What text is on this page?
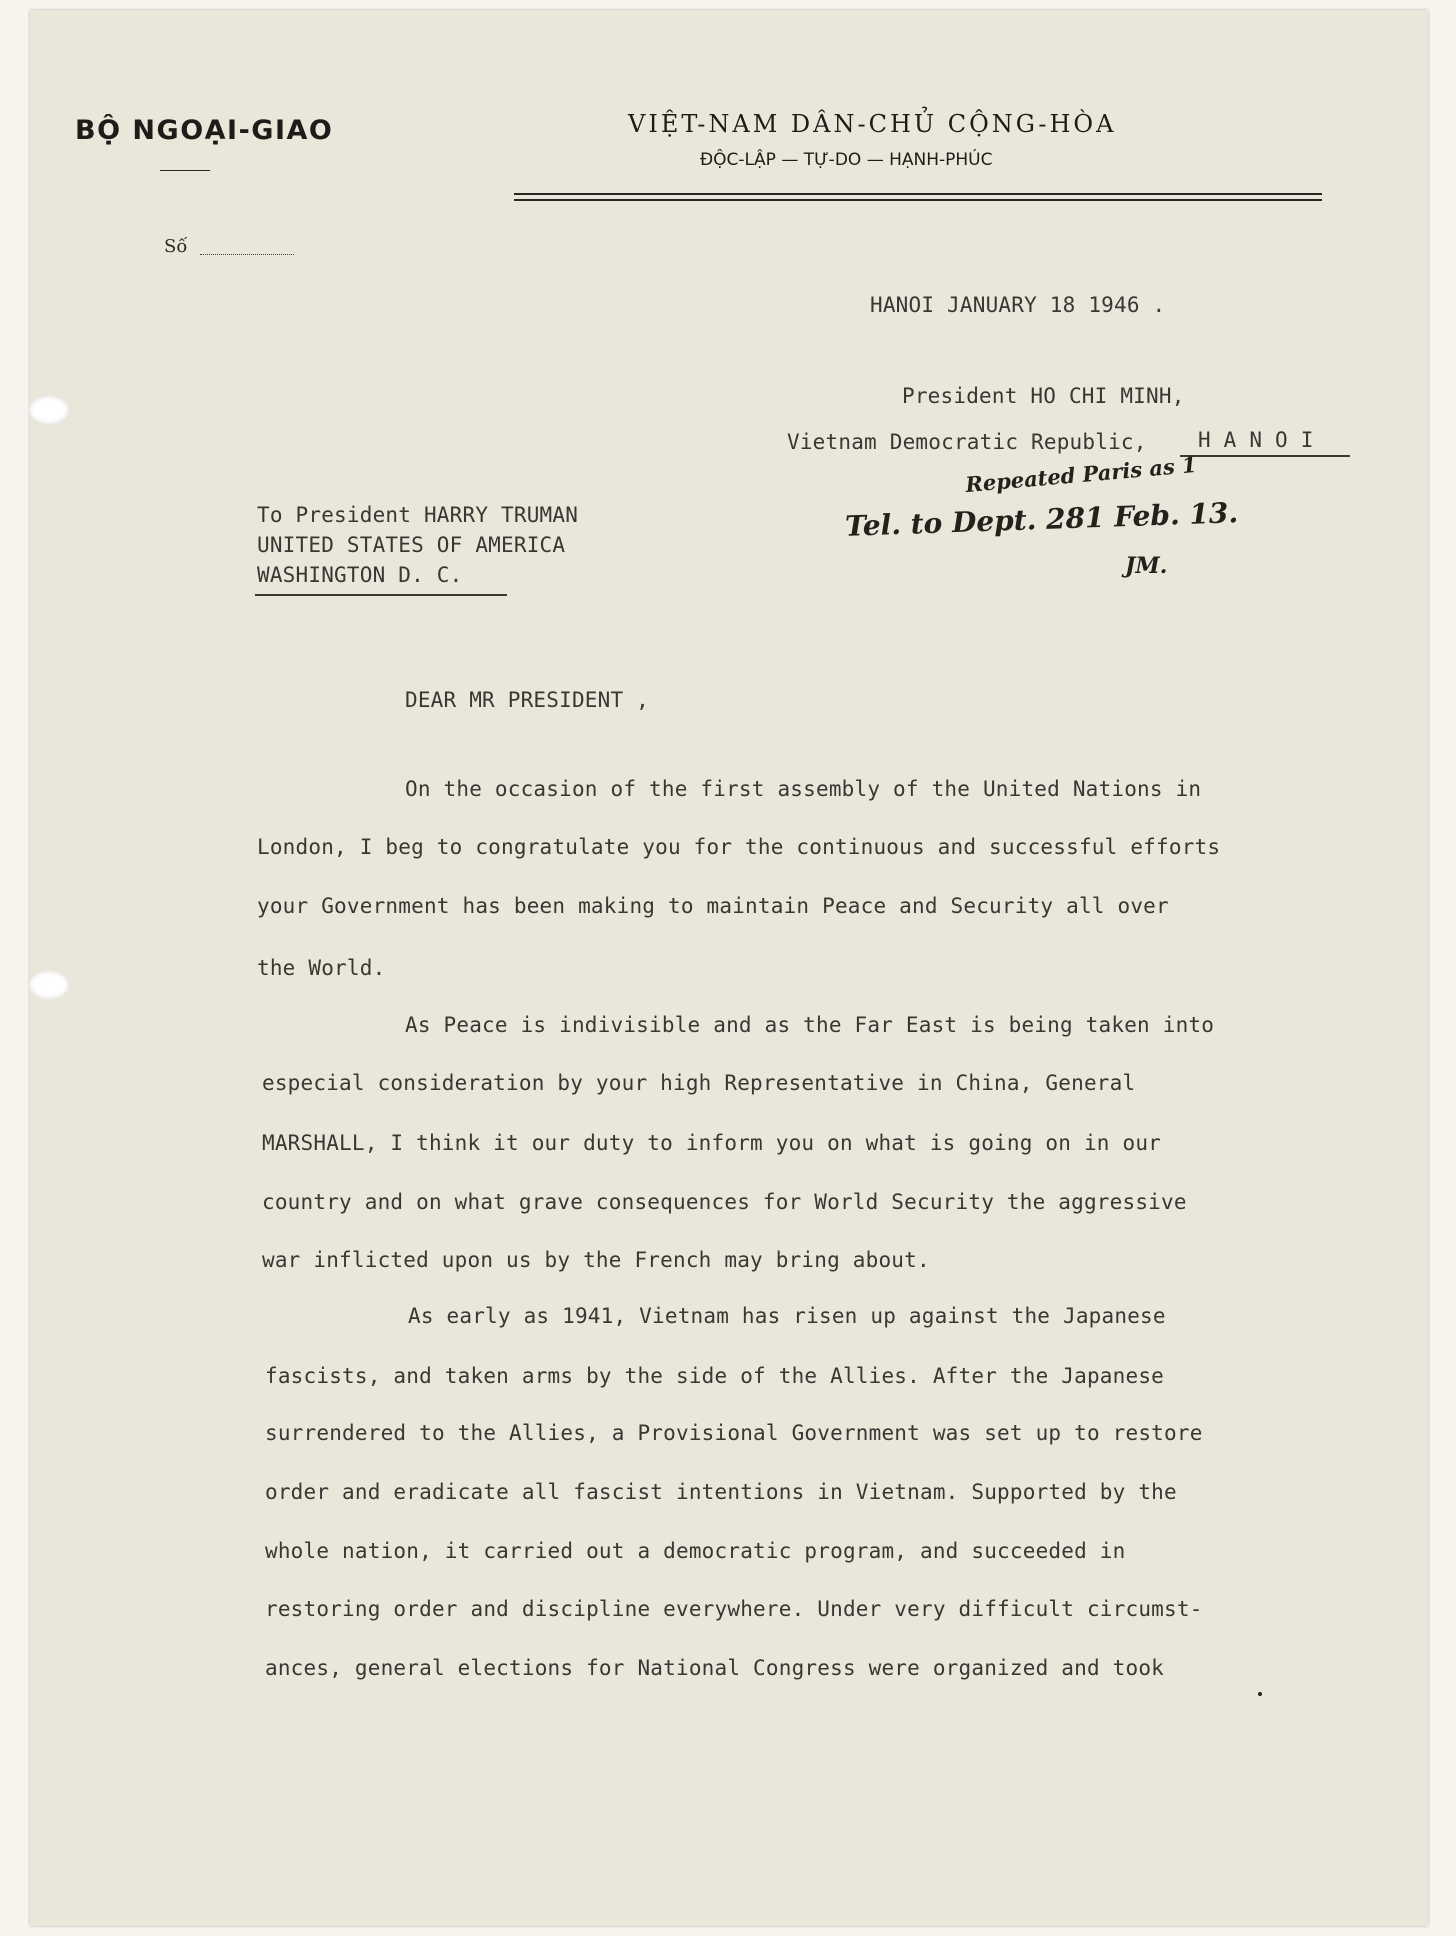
BỘ NGOẠI-GIAO	VIỆT-NAM DÂN-CHỦ CỘNG-HÒA
ĐỘC-LẬP — TỰ-DO — HẠNH-PHÚC
Số
HANOI JANUARY 18 1946 .
President HO CHI MINH,
Vietnam Democratic Republic, H A N O I
To President HARRY TRUMAN
UNITED STATES OF AMERICA
WASHINGTON D. C.
Repeated Paris as 1
Tel. to Dept. 281 Feb. 13.
JM.
DEAR MR PRESIDENT ,
On the occasion of the first assembly of the United Nations in
London, I beg to congratulate you for the continuous and successful efforts
your Government has been making to maintain Peace and Security all over
the World.
As Peace is indivisible and as the Far East is being taken into
especial consideration by your high Representative in China, General
MARSHALL, I think it our duty to inform you on what is going on in our
country and on what grave consequences for World Security the aggressive
war inflicted upon us by the French may bring about.
As early as 1941, Vietnam has risen up against the Japanese
fascists, and taken arms by the side of the Allies. After the Japanese
surrendered to the Allies, a Provisional Government was set up to restore
order and eradicate all fascist intentions in Vietnam. Supported by the
whole nation, it carried out a democratic program, and succeeded in
restoring order and discipline everywhere. Under very difficult circumst-
ances, general elections for National Congress were organized and took
